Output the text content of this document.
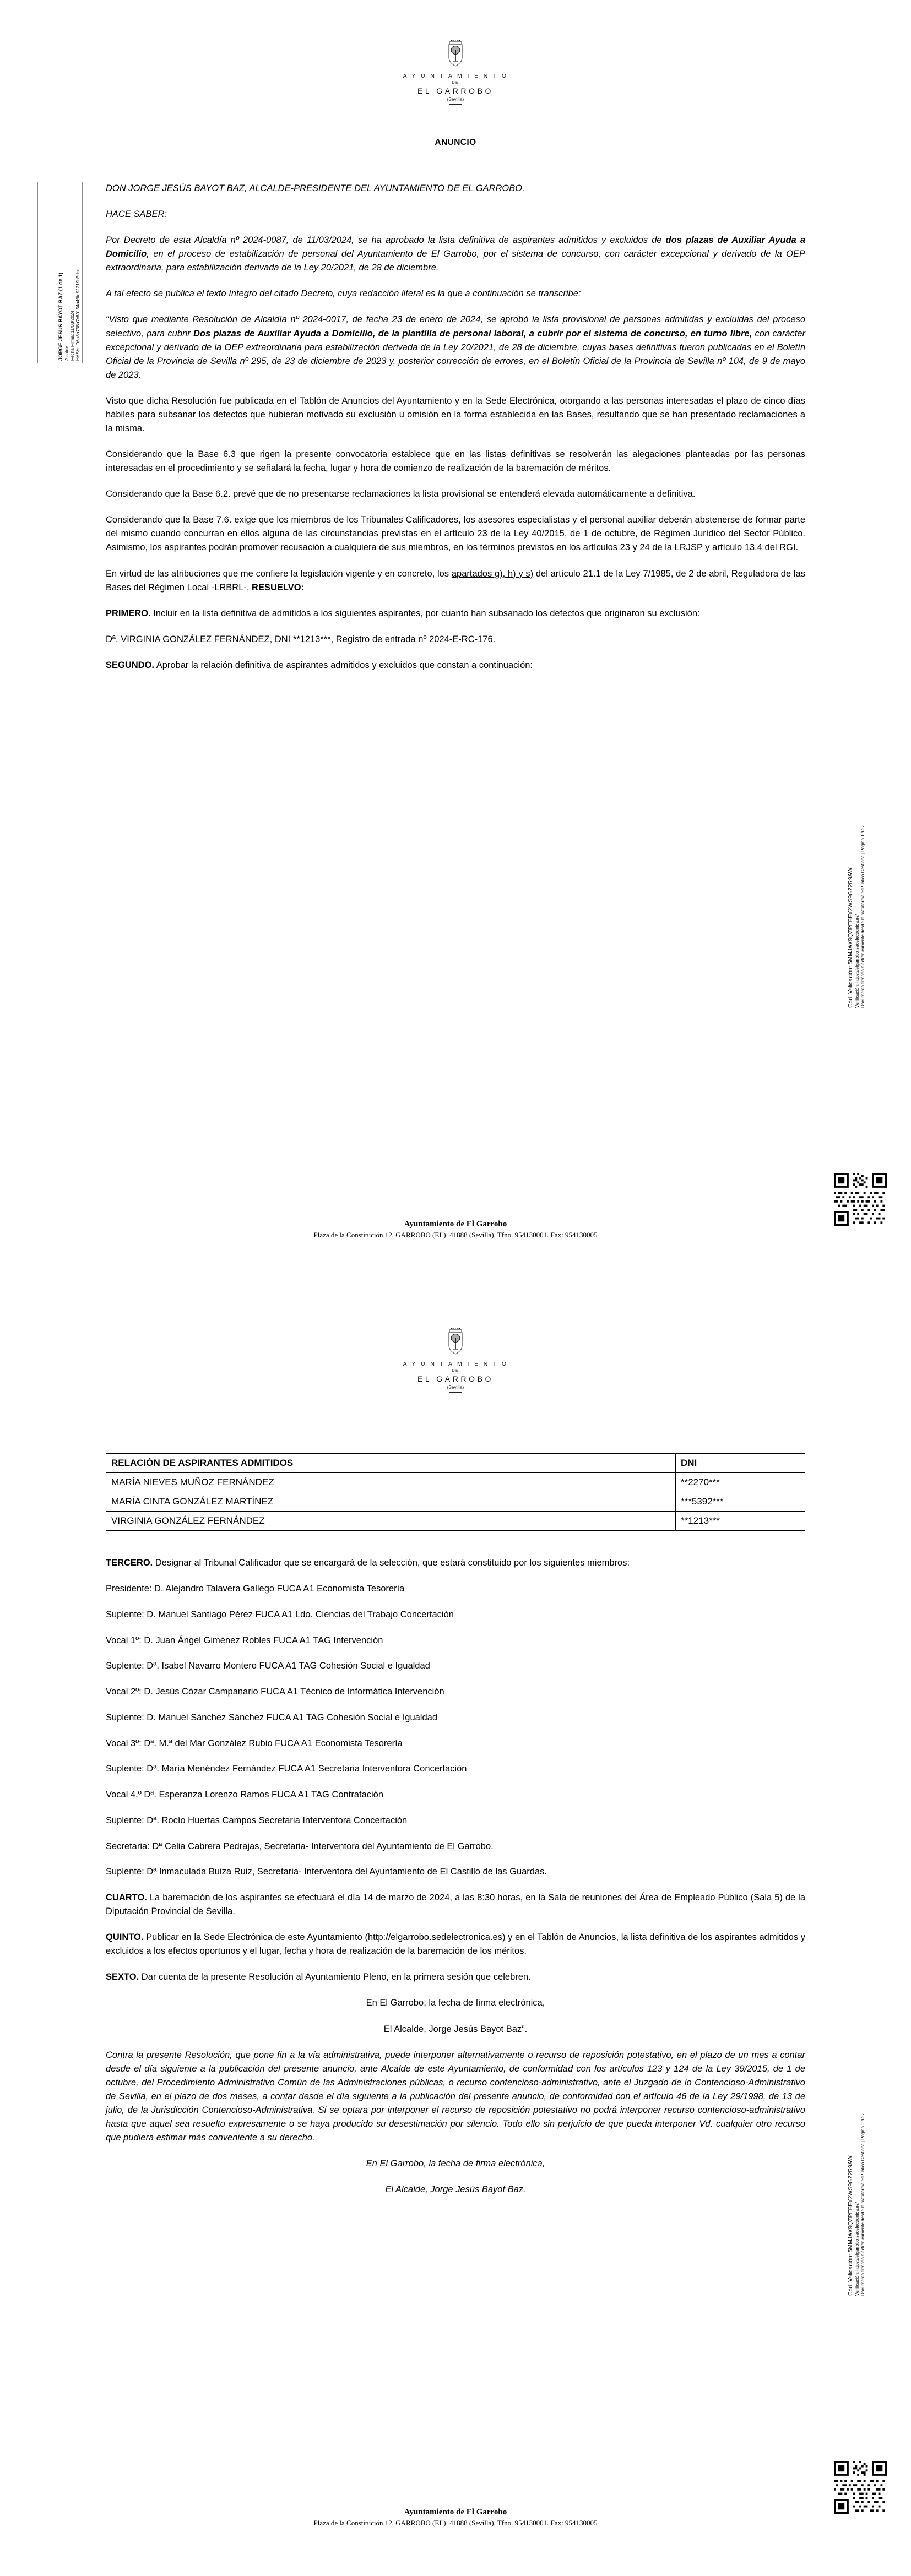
A Y U N T A M I E N T O
DE
EL GARROBO
(Sevilla)
ANUNCIO
JORGE JESUS BAYOT BAZ (1 de 1) Alcalde Fecha Firma: 11/03/2024 HASH: f06a8b738a7c80154a49fe92219b5dce
Cód. Validación: 5MMJAX9QZPEFFY2WS9GZ2R9AW Verificación: https://elgarrobo.sedelectronica.es/ Documento firmado electrónicamente desde la plataforma esPublico Gestiona | Página 1 de 2

DON JORGE JESÚS BAYOT BAZ, ALCALDE-PRESIDENTE DEL AYUNTAMIENTO DE EL GARROBO.

HACE SABER:

Por Decreto de esta Alcaldía nº 2024-0087, de 11/03/2024, se ha aprobado la lista definitiva de aspirantes admitidos y excluidos de dos plazas de Auxiliar Ayuda a Domicilio, en el proceso de estabilización de personal del Ayuntamiento de El Garrobo, por el sistema de concurso, con carácter excepcional y derivado de la OEP extraordinaria, para estabilización derivada de la Ley 20/2021, de 28 de diciembre.

A tal efecto se publica el texto íntegro del citado Decreto, cuya redacción literal es la que a continuación se transcribe:

“Visto que mediante Resolución de Alcaldía nº 2024-0017, de fecha 23 de enero de 2024, se aprobó la lista provisional de personas admitidas y excluidas del proceso selectivo, para cubrir Dos plazas de Auxiliar Ayuda a Domicilio, de la plantilla de personal laboral, a cubrir por el sistema de concurso, en turno libre, con carácter excepcional y derivado de la OEP extraordinaria para estabilización derivada de la Ley 20/2021, de 28 de diciembre, cuyas bases definitivas fueron publicadas en el Boletín Oficial de la Provincia de Sevilla nº 295, de 23 de diciembre de 2023 y, posterior corrección de errores, en el Boletín Oficial de la Provincia de Sevilla nº 104, de 9 de mayo de 2023.

Visto que dicha Resolución fue publicada en el Tablón de Anuncios del Ayuntamiento y en la Sede Electrónica, otorgando a las personas interesadas el plazo de cinco días hábiles para subsanar los defectos que hubieran motivado su exclusión u omisión en la forma establecida en las Bases, resultando que se han presentado reclamaciones a la misma.

Considerando que la Base 6.3 que rigen la presente convocatoria establece que en las listas definitivas se resolverán las alegaciones planteadas por las personas interesadas en el procedimiento y se señalará la fecha, lugar y hora de comienzo de realización de la baremación de méritos.

Considerando que la Base 6.2. prevé que de no presentarse reclamaciones la lista provisional se entenderá elevada automáticamente a definitiva.

Considerando que la Base 7.6. exige que los miembros de los Tribunales Calificadores, los asesores especialistas y el personal auxiliar deberán abstenerse de formar parte del mismo cuando concurran en ellos alguna de las circunstancias previstas en el artículo 23 de la Ley 40/2015, de 1 de octubre, de Régimen Jurídico del Sector Público. Asimismo, los aspirantes podrán promover recusación a cualquiera de sus miembros, en los términos previstos en los artículos 23 y 24 de la LRJSP y artículo 13.4 del RGI.

En virtud de las atribuciones que me confiere la legislación vigente y en concreto, los apartados g), h) y s) del artículo 21.1 de la Ley 7/1985, de 2 de abril, Reguladora de las Bases del Régimen Local -LRBRL-, RESUELVO:

PRIMERO. Incluir en la lista definitiva de admitidos a los siguientes aspirantes, por cuanto han subsanado los defectos que originaron su exclusión:

Dª. VIRGINIA GONZÁLEZ FERNÁNDEZ, DNI **1213***, Registro de entrada nº 2024-E-RC-176.

SEGUNDO. Aprobar la relación definitiva de aspirantes admitidos y excluidos que constan a continuación:

Ayuntamiento de El Garrobo
Plaza de la Constitución 12, GARROBO (EL). 41888 (Sevilla). Tfno. 954130001. Fax: 954130005
A Y U N T A M I E N T O
DE
EL GARROBO
(Sevilla)
Cód. Validación: 5MMJAX9QZPEFFY2WS9GZ2R9AW Verificación: https://elgarrobo.sedelectronica.es/ Documento firmado electrónicamente desde la plataforma esPublico Gestiona | Página 2 de 2
RELACIÓN DE ASPIRANTES ADMITIDOS	DNI
MARÍA NIEVES MUÑOZ FERNÁNDEZ	**2270***
MARÍA CINTA GONZÁLEZ MARTÍNEZ	***5392***
VIRGINIA GONZÁLEZ FERNÁNDEZ	**1213***

TERCERO. Designar al Tribunal Calificador que se encargará de la selección, que estará constituido por los siguientes miembros:

Presidente: D. Alejandro Talavera Gallego FUCA A1 Economista Tesorería

Suplente: D. Manuel Santiago Pérez FUCA A1 Ldo. Ciencias del Trabajo Concertación

Vocal 1º: D. Juan Ángel Giménez Robles FUCA A1 TAG Intervención

Suplente: Dª. Isabel Navarro Montero FUCA A1 TAG Cohesión Social e Igualdad

Vocal 2º: D. Jesús Cózar Campanario FUCA A1 Técnico de Informática Intervención

Suplente: D. Manuel Sánchez Sánchez FUCA A1 TAG Cohesión Social e Igualdad

Vocal 3º: Dª. M.ª del Mar González Rubio FUCA A1 Economista Tesorería

Suplente: Dª. María Menéndez Fernández FUCA A1 Secretaria Interventora Concertación

Vocal 4.º Dª. Esperanza Lorenzo Ramos FUCA A1 TAG Contratación

Suplente: Dª. Rocío Huertas Campos Secretaria Interventora Concertación

Secretaria: Dª Celia Cabrera Pedrajas, Secretaria- Interventora del Ayuntamiento de El Garrobo.

Suplente: Dª Inmaculada Buiza Ruiz, Secretaria- Interventora del Ayuntamiento de El Castillo de las Guardas.

CUARTO. La baremación de los aspirantes se efectuará el día 14 de marzo de 2024, a las 8:30 horas, en la Sala de reuniones del Área de Empleado Público (Sala 5) de la Diputación Provincial de Sevilla.

QUINTO. Publicar en la Sede Electrónica de este Ayuntamiento (http://elgarrobo.sedelectronica.es) y en el Tablón de Anuncios, la lista definitiva de los aspirantes admitidos y excluidos a los efectos oportunos y el lugar, fecha y hora de realización de la baremación de los méritos.

SEXTO. Dar cuenta de la presente Resolución al Ayuntamiento Pleno, en la primera sesión que celebren.

En El Garrobo, la fecha de firma electrónica,

El Alcalde, Jorge Jesús Bayot Baz”.

Contra la presente Resolución, que pone fin a la vía administrativa, puede interponer alternativamente o recurso de reposición potestativo, en el plazo de un mes a contar desde el día siguiente a la publicación del presente anuncio, ante Alcalde de este Ayuntamiento, de conformidad con los artículos 123 y 124 de la Ley 39/2015, de 1 de octubre, del Procedimiento Administrativo Común de las Administraciones públicas, o recurso contencioso-administrativo, ante el Juzgado de lo Contencioso-Administrativo de Sevilla, en el plazo de dos meses, a contar desde el día siguiente a la publicación del presente anuncio, de conformidad con el artículo 46 de la Ley 29/1998, de 13 de julio, de la Jurisdicción Contencioso-Administrativa. Si se optara por interponer el recurso de reposición potestativo no podrá interponer recurso contencioso-administrativo hasta que aquel sea resuelto expresamente o se haya producido su desestimación por silencio. Todo ello sin perjuicio de que pueda interponer Vd. cualquier otro recurso que pudiera estimar más conveniente a su derecho.

En El Garrobo, la fecha de firma electrónica,

El Alcalde, Jorge Jesús Bayot Baz.

Ayuntamiento de El Garrobo
Plaza de la Constitución 12, GARROBO (EL). 41888 (Sevilla). Tfno. 954130001. Fax: 954130005
